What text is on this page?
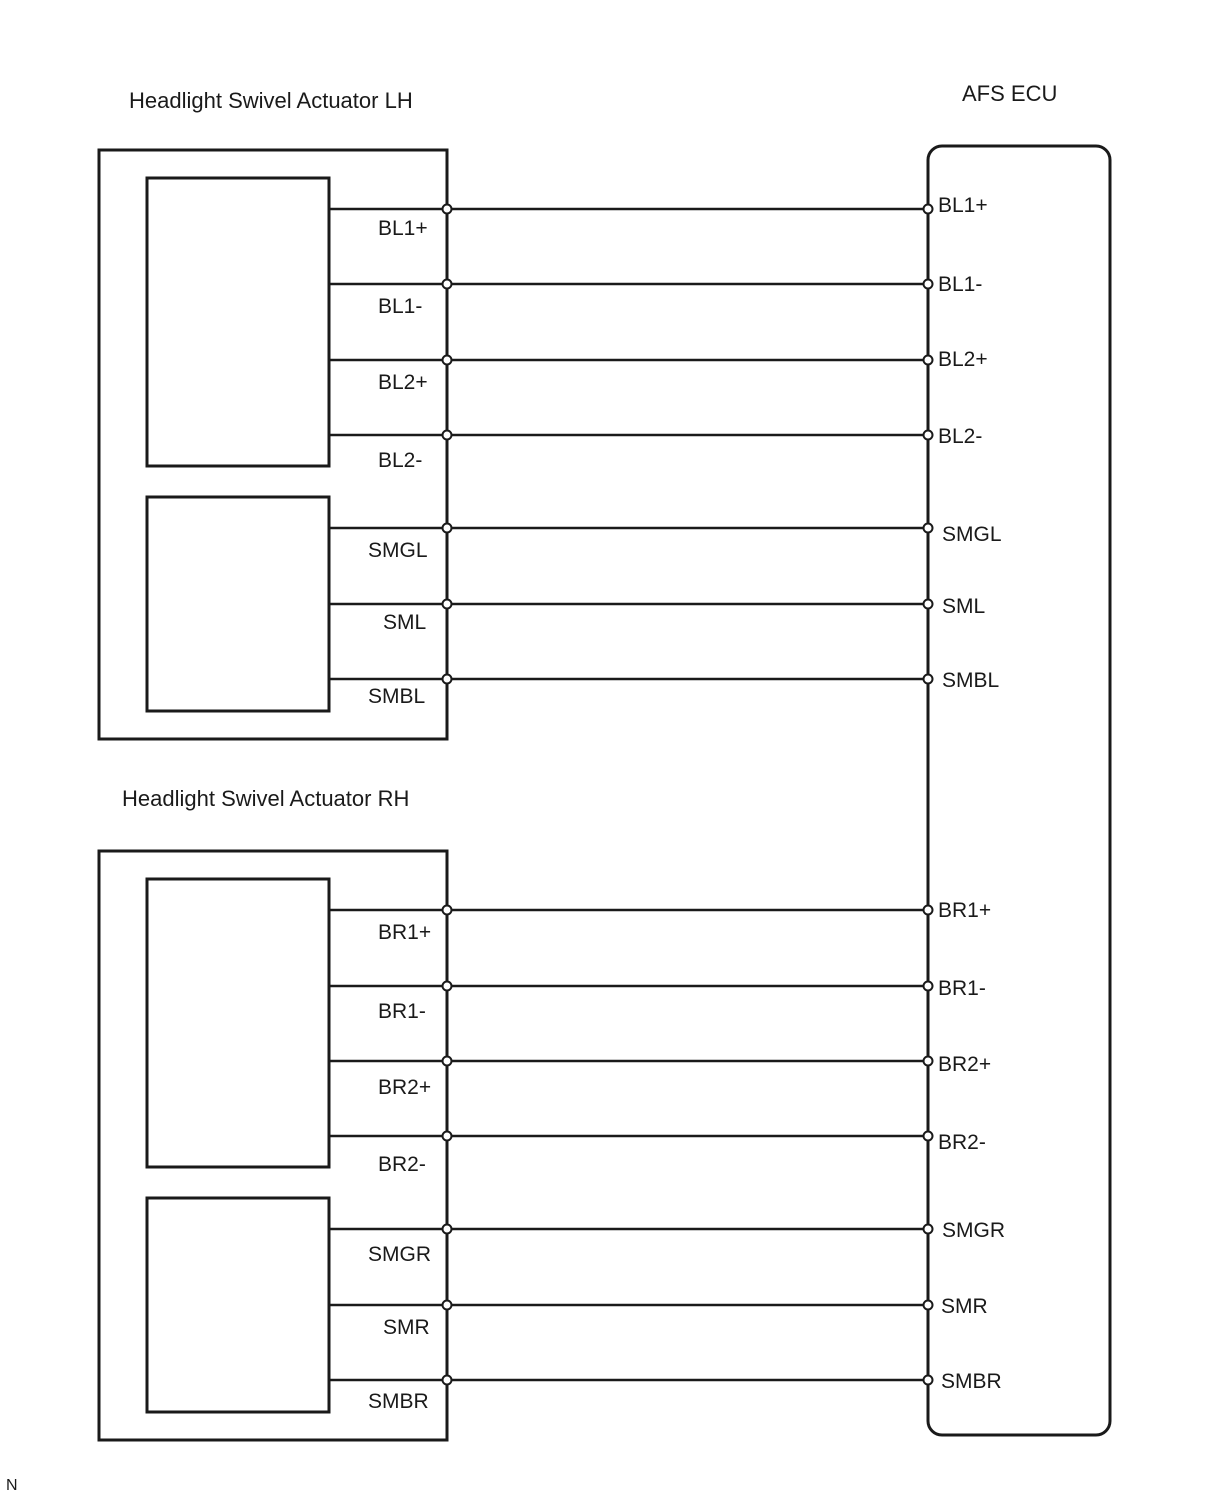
Headlight Swivel Actuator LH
Headlight Swivel Actuator RH
AFS ECU
BL1+
BL1+
BL1-
BL1-
BL2+
BL2+
BL2-
BL2-
SMGL
SMGL
SML
SML
SMBL
SMBL
BR1+
BR1+
BR1-
BR1-
BR2+
BR2+
BR2-
BR2-
SMGR
SMGR
SMR
SMR
SMBR
SMBR
N
